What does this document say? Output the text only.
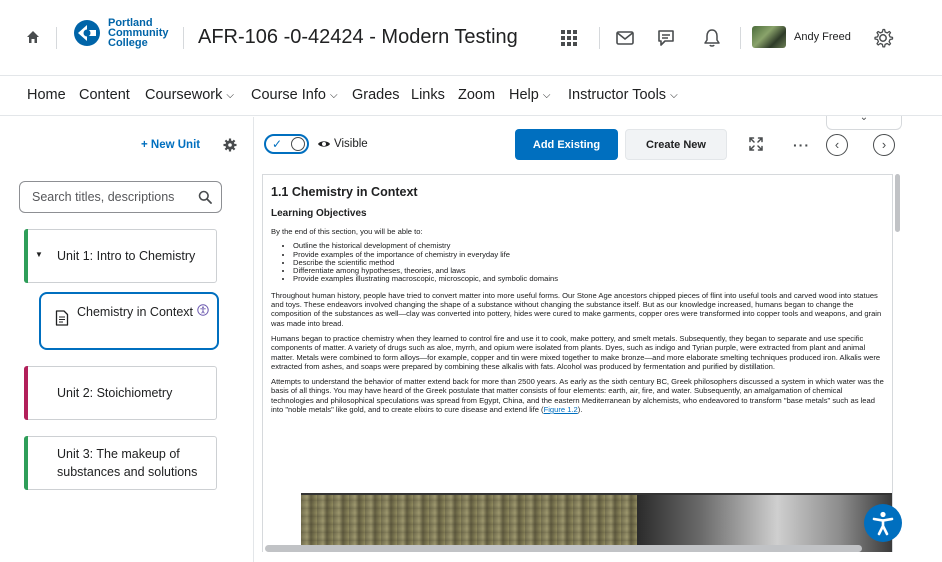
Portland
Community
College	AFR-106 -0-42424 - Modern Testing	Andy Freed
Home Content Coursework ⌵ Course Info ⌵ Grades Links Zoom Help ⌵ Instructor Tools ⌵
+ New Unit
Search titles, descriptions
▼ Unit 1: Intro to Chemistry
Chemistry in Context
Unit 2: Stoichiometry
Unit 3: The makeup of substances and solutions
⌄
✓	Visible	Add Existing	Create New	···	‹	›
1.1 Chemistry in Context
Learning Objectives

By the end of this section, you will be able to:

• Outline the historical development of chemistry
• Provide examples of the importance of chemistry in everyday life
• Describe the scientific method
• Differentiate among hypotheses, theories, and laws
• Provide examples illustrating macroscopic, microscopic, and symbolic domains

Throughout human history, people have tried to convert matter into more useful forms. Our Stone Age ancestors chipped pieces of flint into useful tools and carved wood into statues and toys. These endeavors involved changing the shape of a substance without changing the substance itself. But as our knowledge increased, humans began to change the composition of the substances as well—clay was converted into pottery, hides were cured to make garments, copper ores were transformed into copper tools and weapons, and grain was made into bread.

Humans began to practice chemistry when they learned to control fire and use it to cook, make pottery, and smelt metals. Subsequently, they began to separate and use specific components of matter. A variety of drugs such as aloe, myrrh, and opium were isolated from plants. Dyes, such as indigo and Tyrian purple, were extracted from plant and animal matter. Metals were combined to form alloys—for example, copper and tin were mixed together to make bronze—and more elaborate smelting techniques produced iron. Alkalis were extracted from ashes, and soaps were prepared by combining these alkalis with fats. Alcohol was produced by fermentation and purified by distillation.

Attempts to understand the behavior of matter extend back for more than 2500 years. As early as the sixth century BC, Greek philosophers discussed a system in which water was the basis of all things. You may have heard of the Greek postulate that matter consists of four elements: earth, air, fire, and water. Subsequently, an amalgamation of chemical technologies and philosophical speculations was spread from Egypt, China, and the eastern Mediterranean by alchemists, who endeavored to transform "base metals" such as lead into "noble metals" like gold, and to create elixirs to cure disease and extend life (Figure 1.2).
